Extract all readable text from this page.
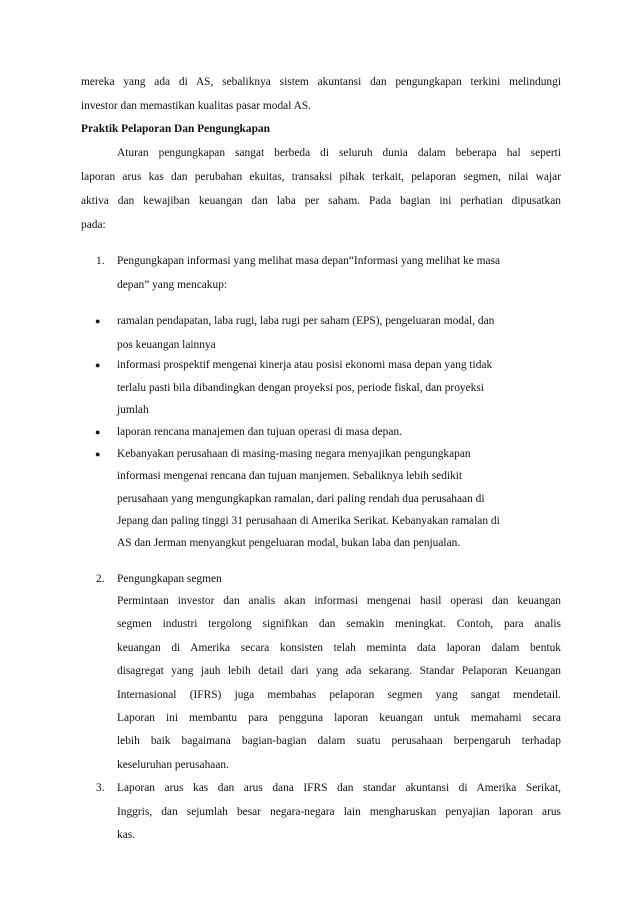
mereka yang ada di AS, sebaliknya sistem akuntansi dan pengungkapan terkini melindungi
investor dan memastikan kualitas pasar modal AS.
Praktik Pelaporan Dan Pengungkapan
Aturan pengungkapan sangat berbeda di seluruh dunia dalam beberapa hal seperti
laporan arus kas dan perubahan ekuitas, transaksi pihak terkait, pelaporan segmen, nilai wajar
aktiva dan kewajiban keuangan dan laba per saham. Pada bagian ini perhatian dipusatkan
pada:
1. Pengungkapan informasi yang melihat masa depan“Informasi yang melihat ke masa
depan” yang mencakup:
● ramalan pendapatan, laba rugi, laba rugi per saham (EPS), pengeluaran modal, dan
pos keuangan lainnya
● informasi prospektif mengenai kinerja atau posisi ekonomi masa depan yang tidak
terlalu pasti bila dibandingkan dengan proyeksi pos, periode fiskal, dan proyeksi
jumlah
● laporan rencana manajemen dan tujuan operasi di masa depan.
● Kebanyakan perusahaan di masing-masing negara menyajikan pengungkapan
informasi mengenai rencana dan tujuan manjemen. Sebaliknya lebih sedikit
perusahaan yang mengungkapkan ramalan, dari paling rendah dua perusahaan di
Jepang dan paling tinggi 31 perusahaan di Amerika Serikat. Kebanyakan ramalan di
AS dan Jerman menyangkut pengeluaran modal, bukan laba dan penjualan.
2. Pengungkapan segmen
Permintaan investor dan analis akan informasi mengenai hasil operasi dan keuangan
segmen industri tergolong signifikan dan semakin meningkat. Contoh, para analis
keuangan di Amerika secara konsisten telah meminta data laporan dalam bentuk
disagregat yang jauh lebih detail dari yang ada sekarang. Standar Pelaporan Keuangan
Internasional (IFRS) juga membahas pelaporan segmen yang sangat mendetail.
Laporan ini membantu para pengguna laporan keuangan untuk memahami secara
lebih baik bagaimana bagian-bagian dalam suatu perusahaan berpengaruh terhadap
keseluruhan perusahaan.
3. Laporan arus kas dan arus dana IFRS dan standar akuntansi di Amerika Serikat,
Inggris, dan sejumlah besar negara-negara lain mengharuskan penyajian laporan arus
kas.
